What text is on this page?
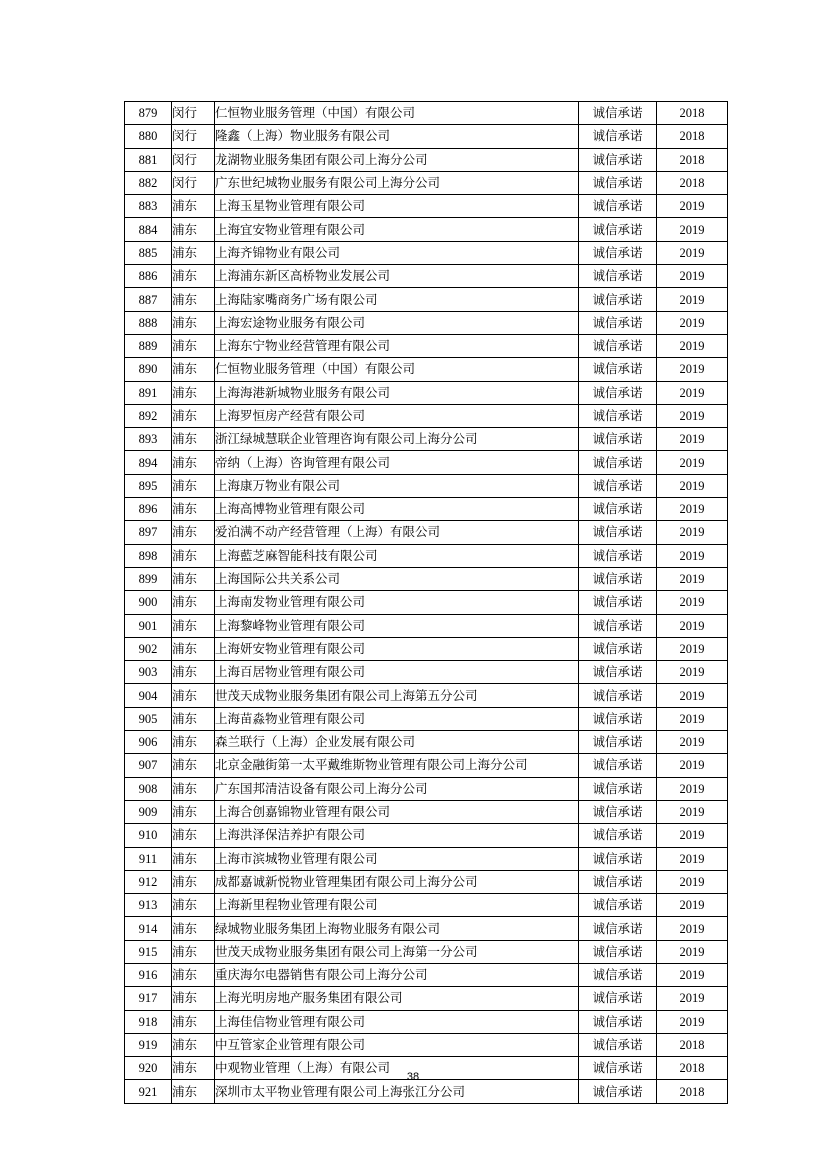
879	闵行	仁恒物业服务管理（中国）有限公司	诚信承诺	2018
880	闵行	隆鑫（上海）物业服务有限公司	诚信承诺	2018
881	闵行	龙湖物业服务集团有限公司上海分公司	诚信承诺	2018
882	闵行	广东世纪城物业服务有限公司上海分公司	诚信承诺	2018
883	浦东	上海玉星物业管理有限公司	诚信承诺	2019
884	浦东	上海宜安物业管理有限公司	诚信承诺	2019
885	浦东	上海齐锦物业有限公司	诚信承诺	2019
886	浦东	上海浦东新区高桥物业发展公司	诚信承诺	2019
887	浦东	上海陆家嘴商务广场有限公司	诚信承诺	2019
888	浦东	上海宏途物业服务有限公司	诚信承诺	2019
889	浦东	上海东宁物业经营管理有限公司	诚信承诺	2019
890	浦东	仁恒物业服务管理（中国）有限公司	诚信承诺	2019
891	浦东	上海海港新城物业服务有限公司	诚信承诺	2019
892	浦东	上海罗恒房产经营有限公司	诚信承诺	2019
893	浦东	浙江绿城慧联企业管理咨询有限公司上海分公司	诚信承诺	2019
894	浦东	帝纳（上海）咨询管理有限公司	诚信承诺	2019
895	浦东	上海康万物业有限公司	诚信承诺	2019
896	浦东	上海高博物业管理有限公司	诚信承诺	2019
897	浦东	爱泊满不动产经营管理（上海）有限公司	诚信承诺	2019
898	浦东	上海藍芝麻智能科技有限公司	诚信承诺	2019
899	浦东	上海国际公共关系公司	诚信承诺	2019
900	浦东	上海南发物业管理有限公司	诚信承诺	2019
901	浦东	上海黎峰物业管理有限公司	诚信承诺	2019
902	浦东	上海妍安物业管理有限公司	诚信承诺	2019
903	浦东	上海百居物业管理有限公司	诚信承诺	2019
904	浦东	世茂天成物业服务集团有限公司上海第五分公司	诚信承诺	2019
905	浦东	上海苗淼物业管理有限公司	诚信承诺	2019
906	浦东	森兰联行（上海）企业发展有限公司	诚信承诺	2019
907	浦东	北京金融街第一太平戴维斯物业管理有限公司上海分公司	诚信承诺	2019
908	浦东	广东国邦清洁设备有限公司上海分公司	诚信承诺	2019
909	浦东	上海合创嘉锦物业管理有限公司	诚信承诺	2019
910	浦东	上海洪泽保洁养护有限公司	诚信承诺	2019
911	浦东	上海市滨城物业管理有限公司	诚信承诺	2019
912	浦东	成都嘉诚新悦物业管理集团有限公司上海分公司	诚信承诺	2019
913	浦东	上海新里程物业管理有限公司	诚信承诺	2019
914	浦东	绿城物业服务集团上海物业服务有限公司	诚信承诺	2019
915	浦东	世茂天成物业服务集团有限公司上海第一分公司	诚信承诺	2019
916	浦东	重庆海尔电器销售有限公司上海分公司	诚信承诺	2019
917	浦东	上海光明房地产服务集团有限公司	诚信承诺	2019
918	浦东	上海佳信物业管理有限公司	诚信承诺	2019
919	浦东	中互管家企业管理有限公司	诚信承诺	2018
920	浦东	中观物业管理（上海）有限公司	诚信承诺	2018
921	浦东	深圳市太平物业管理有限公司上海张江分公司	诚信承诺	2018
38
